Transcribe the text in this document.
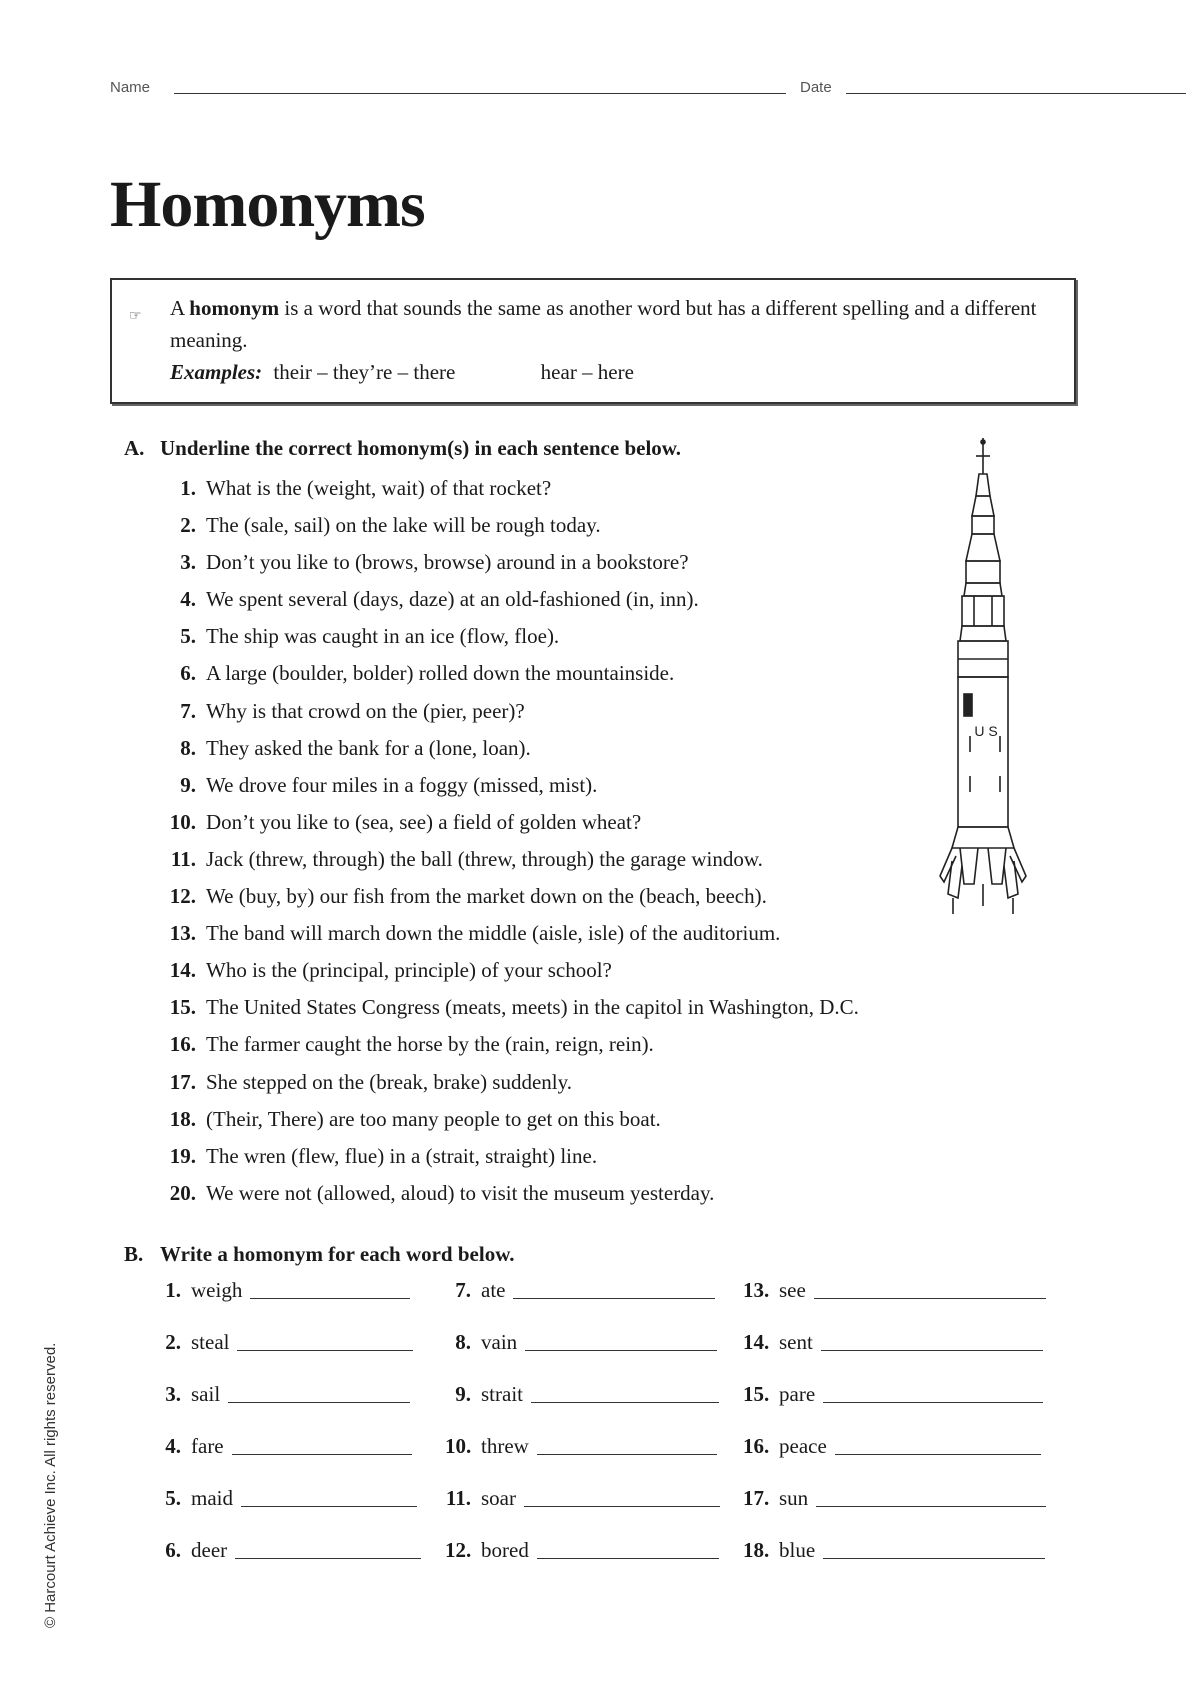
Name	Date
Homonyms
☞ A homonym is a word that sounds the same as another word but has a different spelling and a different meaning.
Examples: their – they’re – there	hear – here
A. Underline the correct homonym(s) in each sentence below.
1. What is the (weight, wait) of that rocket?
2. The (sale, sail) on the lake will be rough today.
3. Don’t you like to (brows, browse) around in a bookstore?
4. We spent several (days, daze) at an old-fashioned (in, inn).
5. The ship was caught in an ice (flow, floe).
6. A large (boulder, bolder) rolled down the mountainside.
7. Why is that crowd on the (pier, peer)?
8. They asked the bank for a (lone, loan).
9. We drove four miles in a foggy (missed, mist).
10. Don’t you like to (sea, see) a field of golden wheat?
11. Jack (threw, through) the ball (threw, through) the garage window.
12. We (buy, by) our fish from the market down on the (beach, beech).
13. The band will march down the middle (aisle, isle) of the auditorium.
14. Who is the (principal, principle) of your school?
15. The United States Congress (meats, meets) in the capitol in Washington, D.C.
16. The farmer caught the horse by the (rain, reign, rein).
17. She stepped on the (break, brake) suddenly.
18. (Their, There) are too many people to get on this boat.
19. The wren (flew, flue) in a (strait, straight) line.
20. We were not (allowed, aloud) to visit the museum yesterday.
U S
B. Write a homonym for each word below.
1. weigh
2. steal
3. sail
4. fare
5. maid
6. deer
7. ate
8. vain
9. strait
10. threw
11. soar
12. bored
13. see
14. sent
15. pare
16. peace
17. sun
18. blue
© Harcourt Achieve Inc. All rights reserved.
